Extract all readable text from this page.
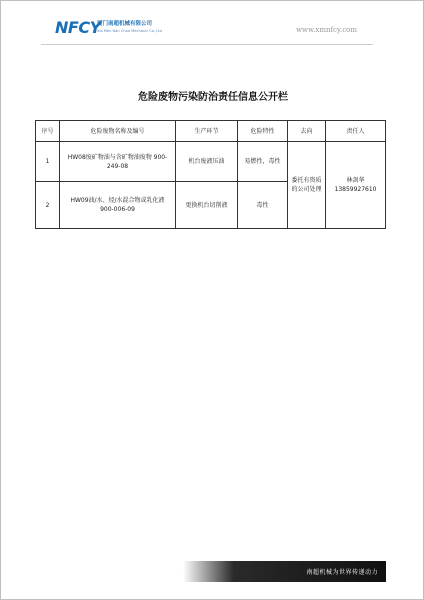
NFCY
厦门南超机械有限公司
Xia Men Nan Chao Mechanic Co.,Ltd	www.xmnfcy.com
危险废物污染防治责任信息公开栏
序号	危险废物名称及编号	生产环节	危险特性	去向	责任人
1	HW08废矿物油与含矿物油废物 900-249-08	机台废液压油	易燃性，毒性	委托有资质的公司处理	林剑华
13859927610

2	HW09油/水、烃/水混合物或乳化液　900-006-09	更换机台切削液	毒性		
南超机械为世界传递动力
